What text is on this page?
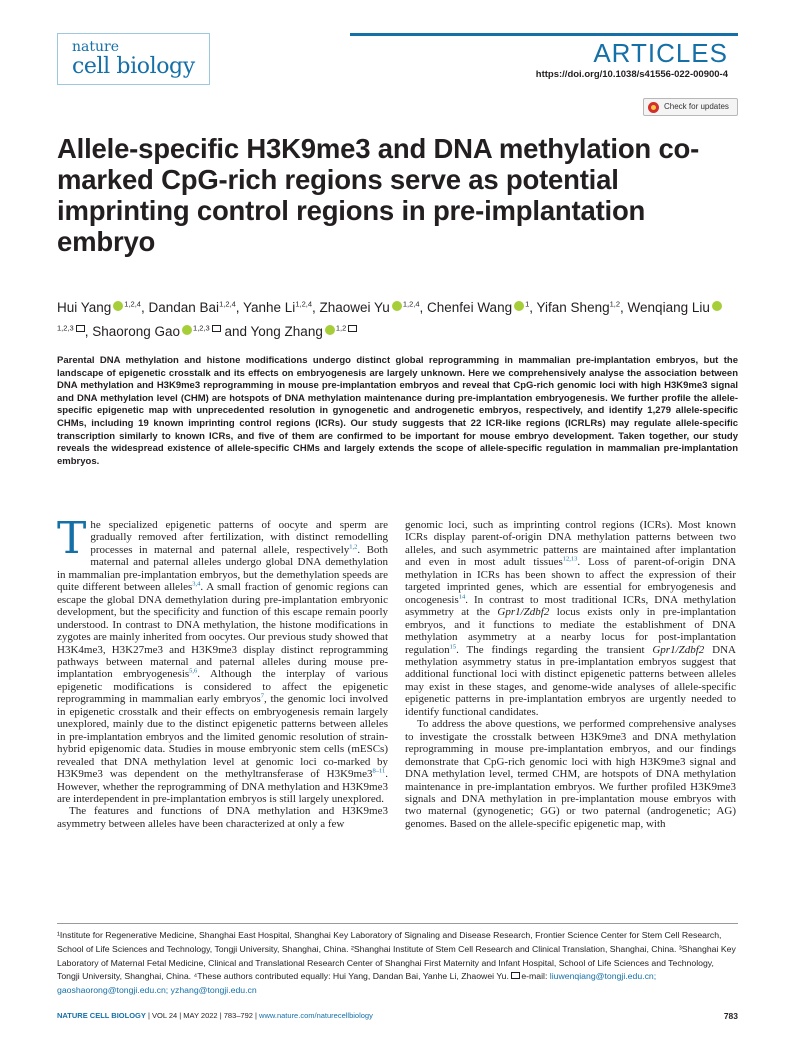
nature
cell biology	ARTICLES
https://doi.org/10.1038/s41556-022-00900-4
Check for updates
Allele-specific H3K9me3 and DNA methylation co-marked CpG-rich regions serve as potential imprinting control regions in pre-implantation embryo
Hui Yang $^{1,2,4}$, Dandan Bai$^{1,2,4}$, Yanhe Li$^{1,2,4}$, Zhaowei Yu $^{1,2,4}$, Chenfei Wang $^1$, Yifan Sheng$^{1,2}$, Wenqiang Liu$^{1,2,3}$ , Shaorong Gao $^{1,2,3}$ and Yong Zhang $^{1,2}$

Parental DNA methylation and histone modifications undergo distinct global reprogramming in mammalian pre-implantation embryos, but the landscape of epigenetic crosstalk and its effects on embryogenesis are largely unknown. Here we comprehensively analyse the association between DNA methylation and H3K9me3 reprogramming in mouse pre-implantation embryos and reveal that CpG-rich genomic loci with high H3K9me3 signal and DNA methylation level (CHM) are hotspots of DNA methylation maintenance during pre-implantation embryogenesis. We further profile the allele-specific epigenetic map with unprecedented resolution in gynogenetic and androgenetic embryos, respectively, and identify 1,279 allele-specific CHMs, including 19 known imprinting control regions (ICRs). Our study suggests that 22 ICR-like regions (ICRLRs) may regulate allele-specific transcription similarly to known ICRs, and five of them are confirmed to be important for mouse embryo development. Taken together, our study reveals the widespread existence of allele-specific CHMs and largely extends the scope of allele-specific regulation in mammalian pre-implantation embryos.

The specialized epigenetic patterns of oocyte and sperm are gradually removed after fertilization, with distinct remodelling processes in maternal and paternal allele, respectively$^{1,2}$. Both maternal and paternal alleles undergo global DNA demethylation in mammalian pre-implantation embryos, but the demethylation speeds are quite different between alleles$^{3,4}$. A small fraction of genomic regions can escape the global DNA demethylation during pre-implantation embryonic development, but the specificity and function of this escape remain poorly understood. In contrast to DNA methylation, the histone modifications in zygotes are mainly inherited from oocytes. Our previous study showed that H3K4me3, H3K27me3 and H3K9me3 display distinct reprogramming pathways between maternal and paternal alleles during mouse pre-implantation embryogenesis$^{5,6}$. Although the interplay of various epigenetic modifications is considered to affect the epigenetic reprogramming in mammalian early embryos$^7$, the genomic loci involved in epigenetic crosstalk and their effects on embryogenesis remain largely unexplored, mainly due to the distinct epigenetic patterns between alleles in pre-implantation embryos and the limited genomic resolution of strain-hybrid epigenomic data. Studies in mouse embryonic stem cells (mESCs) revealed that DNA methylation level at genomic loci co-marked by H3K9me3 was dependent on the methyltransferase of H3K9me3$^{8-11}$. However, whether the reprogramming of DNA methylation and H3K9me3 are interdependent in pre-implantation embryos is still largely unexplored.

The features and functions of DNA methylation and H3K9me3 asymmetry between alleles have been characterized at only a few

genomic loci, such as imprinting control regions (ICRs). Most known ICRs display parent-of-origin DNA methylation patterns between two alleles, and such asymmetric patterns are maintained after implantation and even in most adult tissues$^{12,13}$. Loss of parent-of-origin DNA methylation in ICRs has been shown to affect the expression of their targeted imprinted genes, which are essential for embryogenesis and oncogenesis$^{14}$. In contrast to most traditional ICRs, DNA methylation asymmetry at the Gpr1/Zdbf2 locus exists only in pre-implantation embryos, and it functions to mediate the establishment of DNA methylation asymmetry at a nearby locus for post-implantation regulation$^{15}$. The findings regarding the transient Gpr1/Zdbf2 DNA methylation asymmetry status in pre-implantation embryos suggest that additional functional loci with distinct epigenetic patterns between alleles may exist in these stages, and genome-wide analyses of allele-specific epigenetic patterns in pre-implantation embryos are urgently needed to identify functional candidates.

To address the above questions, we performed comprehensive analyses to investigate the crosstalk between H3K9me3 and DNA methylation reprogramming in mouse pre-implantation embryos, and our findings demonstrate that CpG-rich genomic loci with high H3K9me3 signal and DNA methylation level, termed CHM, are hotspots of DNA methylation maintenance in pre-implantation embryos. We further profiled H3K9me3 signals and DNA methylation in pre-implantation mouse embryos with two maternal (gynogenetic; GG) or two paternal (androgenetic; AG) genomes. Based on the allele-specific epigenetic map, with

¹Institute for Regenerative Medicine, Shanghai East Hospital, Shanghai Key Laboratory of Signaling and Disease Research, Frontier Science Center for Stem Cell Research, School of Life Sciences and Technology, Tongji University, Shanghai, China. ²Shanghai Institute of Stem Cell Research and Clinical Translation, Shanghai, China. ³Shanghai Key Laboratory of Maternal Fetal Medicine, Clinical and Translational Research Center of Shanghai First Maternity and Infant Hospital, School of Life Sciences and Technology, Tongji University, Shanghai, China. ⁴These authors contributed equally: Hui Yang, Dandan Bai, Yanhe Li, Zhaowei Yu. e-mail: liuwenqiang@tongji.edu.cn; gaoshaorong@tongji.edu.cn; yzhang@tongji.edu.cn
NATURE CELL BIOLOGY | VOL 24 | MAY 2022 | 783–792 | www.nature.com/naturecellbiology	783
